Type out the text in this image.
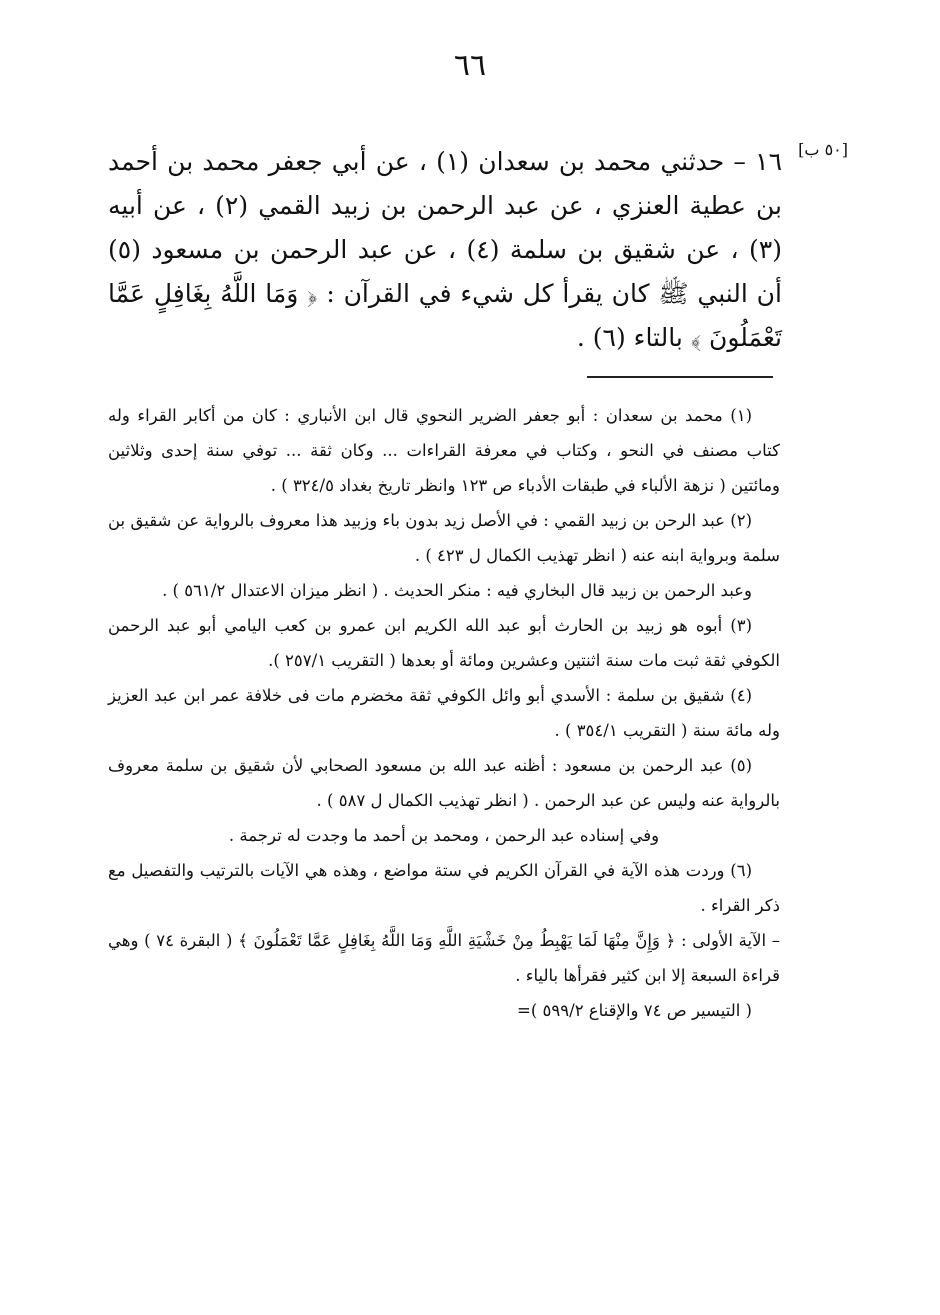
٦٦
[٥٠ ب]

١٦ – حدثني محمد بن سعدان (١) ، عن أبي جعفر محمد بن أحمد بن عطية العنزي ، عن عبد الرحمن بن زبيد القمي (٢) ، عن أبيه (٣) ، عن شقيق بن سلمة (٤) ، عن عبد الرحمن بن مسعود (٥) أن النبي ﷺ كان يقرأ كل شيء في القرآن : ﴿ وَمَا اللَّهُ بِغَافِلٍ عَمَّا تَعْمَلُونَ ﴾ بالتاء (٦) .

(١) محمد بن سعدان : أبو جعفر الضرير النحوي قال ابن الأنباري : كان من أكابر القراء وله كتاب مصنف في النحو ، وكتاب في معرفة القراءات ... وكان ثقة ... توفي سنة إحدى وثلاثين ومائتين ( نزهة الألباء في طبقات الأدباء ص ١٢٣ وانظر تاريخ بغداد ٣٢٤/٥ ) .

(٢) عبد الرحن بن زبيد القمي : في الأصل زيد بدون باء وزبيد هذا معروف بالرواية عن شقيق بن سلمة وبرواية ابنه عنه ( انظر تهذيب الكمال ل ٤٢٣ ) .

وعبد الرحمن بن زبيد قال البخاري فيه : منكر الحديث . ( انظر ميزان الاعتدال ٥٦١/٢ ) .

(٣) أبوه هو زبيد بن الحارث أبو عبد الله الكريم ابن عمرو بن كعب اليامي أبو عبد الرحمن الكوفي ثقة ثبت مات سنة اثنتين وعشرين ومائة أو بعدها ( التقريب ٢٥٧/١ ).

(٤) شقيق بن سلمة : الأسدي أبو وائل الكوفي ثقة مخضرم مات فى خلافة عمر ابن عبد العزيز وله مائة سنة ( التقريب ٣٥٤/١ ) .

(٥) عبد الرحمن بن مسعود : أظنه عبد الله بن مسعود الصحابي لأن شقيق بن سلمة معروف بالرواية عنه وليس عن عبد الرحمن . ( انظر تهذيب الكمال ل ٥٨٧ ) .

وفي إسناده عبد الرحمن ، ومحمد بن أحمد ما وجدت له ترجمة .

(٦) وردت هذه الآية في القرآن الكريم في ستة مواضع ، وهذه هي الآيات بالترتيب والتفصيل مع ذكر القراء .

– الآية الأولى : ﴿ وَإِنَّ مِنْهَا لَمَا يَهْبِطُ مِنْ خَشْيَةِ اللَّهِ وَمَا اللَّهُ بِغَافِلٍ عَمَّا تَعْمَلُونَ ﴾ ( البقرة ٧٤ ) وهي قراءة السبعة إلا ابن كثير فقرأها بالياء .

( التيسير ص ٧٤ والإقناع ٥٩٩/٢ )=
